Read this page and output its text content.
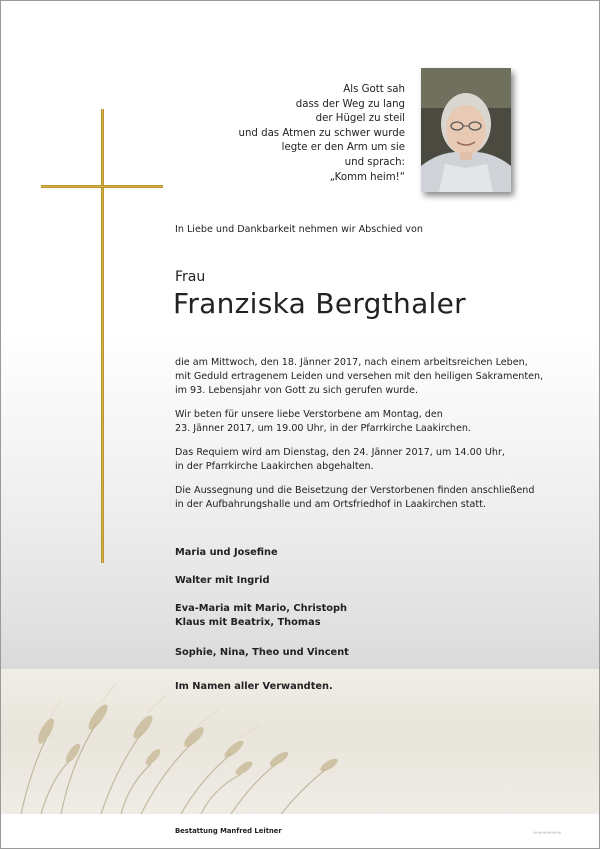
Als Gott sah
dass der Weg zu lang
der Hügel zu steil
und das Atmen zu schwer wurde
legte er den Arm um sie
und sprach:
„Komm heim!“
In Liebe und Dankbarkeit nehmen wir Abschied von
Frau
Franziska Bergthaler
die am Mittwoch, den 18. Jänner 2017, nach einem arbeitsreichen Leben,
mit Geduld ertragenem Leiden und versehen mit den heiligen Sakramenten,
im 93. Lebensjahr von Gott zu sich gerufen wurde.
Wir beten für unsere liebe Verstorbene am Montag, den
23. Jänner 2017, um 19.00 Uhr, in der Pfarrkirche Laakirchen.
Das Requiem wird am Dienstag, den 24. Jänner 2017, um 14.00 Uhr,
in der Pfarrkirche Laakirchen abgehalten.
Die Aussegnung und die Beisetzung der Verstorbenen finden anschließend
in der Aufbahrungshalle und am Ortsfriedhof in Laakirchen statt.
Maria und Josefine
Walter mit Ingrid
Eva-Maria mit Mario, Christoph
Klaus mit Beatrix, Thomas
Sophie, Nina, Theo und Vincent
Im Namen aller Verwandten.
Bestattung Manfred Leitner	▬▬▬▬▬▬
